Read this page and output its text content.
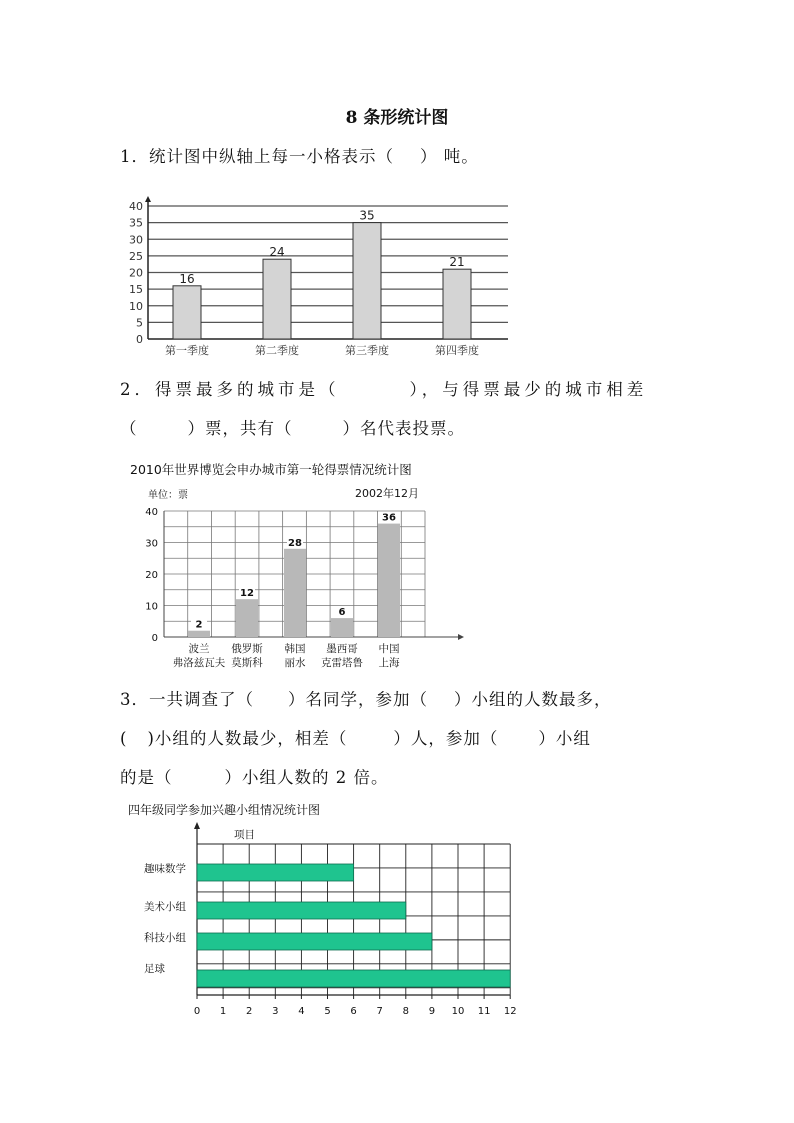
8 条形统计图
1．统计图中纵轴上每一小格表示（ ） 吨。
0
5
10
15
20
25
30
35
40
16
第一季度
24
第二季度
35
第三季度
21
第四季度
2．得票最多的城市是（	），与得票最少的城市相差
（	）票，共有（	）名代表投票。
2010年世界博览会申办城市第一轮得票情况统计图
单位：票	2002年12月
0
10
20
30
40
2
波兰
弗洛兹瓦夫
12
俄罗斯
莫斯科
28
韩国
丽水
6
墨西哥
克雷塔鲁
36
中国
上海
3．一共调查了（ ）名同学，参加（ ）小组的人数最多，
( )小组的人数最少，相差（	）人，参加（ ）小组
的是（	）小组人数的 2 倍。
四年级同学参加兴趣小组情况统计图
项目
0 1 2 3 4 5 6 7 8 9 10 11 12
趣味数学
美术小组
科技小组
足球
